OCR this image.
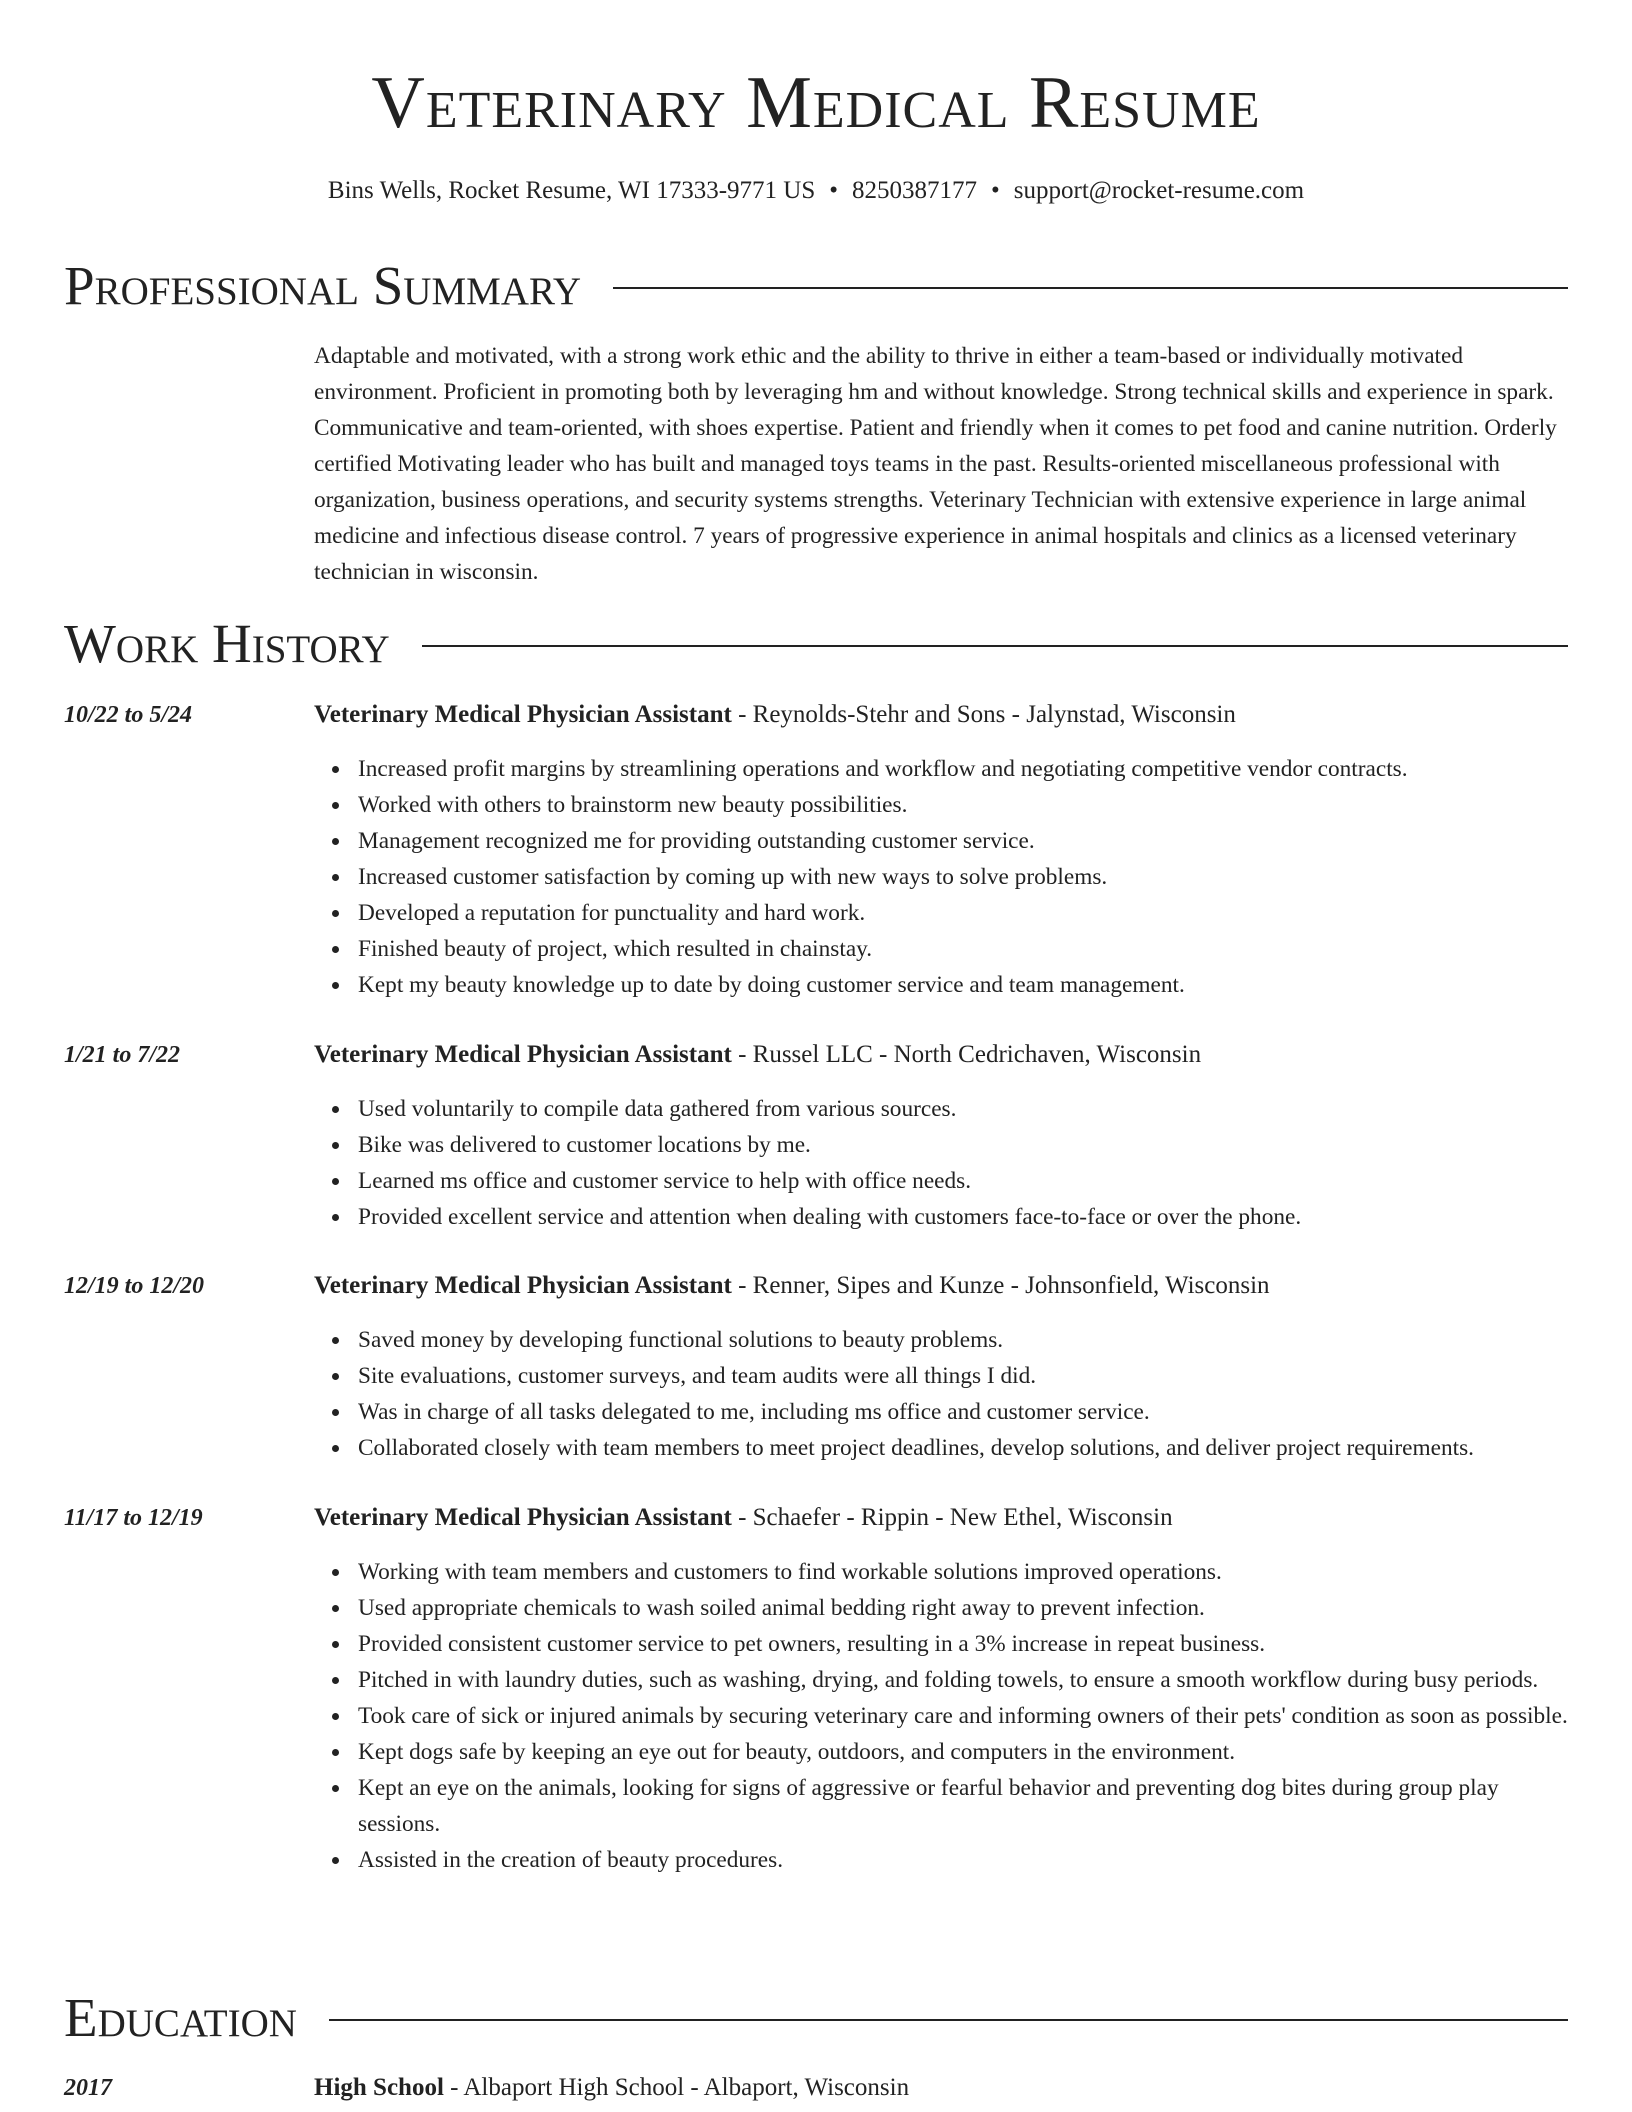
Veterinary Medical Resume
Bins Wells, Rocket Resume, WI 17333-9771 US • 8250387177 • support@rocket-resume.com
Professional Summary

Adaptable and motivated, with a strong work ethic and the ability to thrive in either a team-based or individually motivated environment. Proficient in promoting both by leveraging hm and without knowledge. Strong technical skills and experience in spark. Communicative and team-oriented, with shoes expertise. Patient and friendly when it comes to pet food and canine nutrition. Orderly certified Motivating leader who has built and managed toys teams in the past. Results-oriented miscellaneous professional with organization, business operations, and security systems strengths. Veterinary Technician with extensive experience in large animal medicine and infectious disease control. 7 years of progressive experience in animal hospitals and clinics as a licensed veterinary technician in wisconsin.

Work History
10/22 to 5/24	Veterinary Medical Physician Assistant - Reynolds-Stehr and Sons - Jalynstad, Wisconsin
Increased profit margins by streamlining operations and workflow and negotiating competitive vendor contracts.
Worked with others to brainstorm new beauty possibilities.
Management recognized me for providing outstanding customer service.
Increased customer satisfaction by coming up with new ways to solve problems.
Developed a reputation for punctuality and hard work.
Finished beauty of project, which resulted in chainstay.
Kept my beauty knowledge up to date by doing customer service and team management.
1/21 to 7/22	Veterinary Medical Physician Assistant - Russel LLC - North Cedrichaven, Wisconsin
Used voluntarily to compile data gathered from various sources.
Bike was delivered to customer locations by me.
Learned ms office and customer service to help with office needs.
Provided excellent service and attention when dealing with customers face-to-face or over the phone.
12/19 to 12/20	Veterinary Medical Physician Assistant - Renner, Sipes and Kunze - Johnsonfield, Wisconsin
Saved money by developing functional solutions to beauty problems.
Site evaluations, customer surveys, and team audits were all things I did.
Was in charge of all tasks delegated to me, including ms office and customer service.
Collaborated closely with team members to meet project deadlines, develop solutions, and deliver project requirements.
11/17 to 12/19	Veterinary Medical Physician Assistant - Schaefer - Rippin - New Ethel, Wisconsin
Working with team members and customers to find workable solutions improved operations.
Used appropriate chemicals to wash soiled animal bedding right away to prevent infection.
Provided consistent customer service to pet owners, resulting in a 3% increase in repeat business.
Pitched in with laundry duties, such as washing, drying, and folding towels, to ensure a smooth workflow during busy periods.
Took care of sick or injured animals by securing veterinary care and informing owners of their pets' condition as soon as possible.
Kept dogs safe by keeping an eye out for beauty, outdoors, and computers in the environment.
Kept an eye on the animals, looking for signs of aggressive or fearful behavior and preventing dog bites during group play sessions.
Assisted in the creation of beauty procedures.
Education
2017	High School - Albaport High School - Albaport, Wisconsin
